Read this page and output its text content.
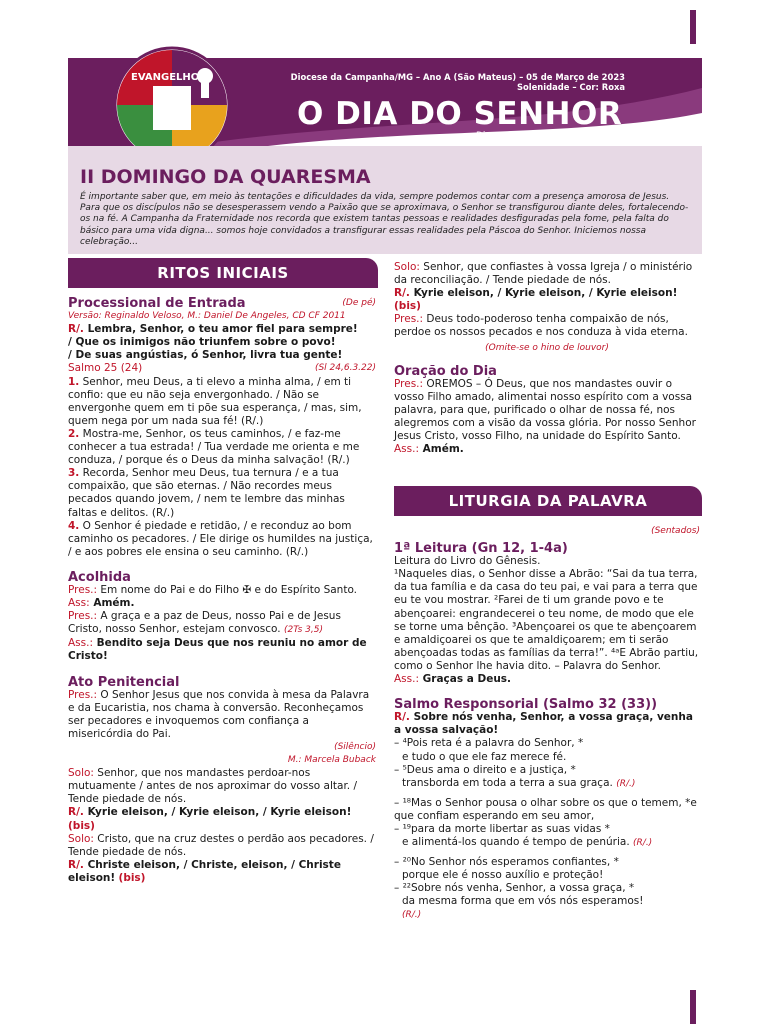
EVANGELHO	Diocese da Campanha/MG – Ano A (São Mateus) – 05 de Março de 2023
Solenidade – Cor: Roxa
O DIA DO SENHOR
Diocese de Campanha-MG
II DOMINGO DA QUARESMA
É importante saber que, em meio às tentações e dificuldades da vida, sempre podemos contar com a presença amorosa de Jesus. Para que os discípulos não se desesperassem vendo a Paixão que se aproximava, o Senhor se transfigurou diante deles, fortalecendo-os na fé. A Campanha da Fraternidade nos recorda que existem tantas pessoas e realidades desfiguradas pela fome, pela falta do básico para uma vida digna... somos hoje convidados a transfigurar essas realidades pela Páscoa do Senhor. Iniciemos nossa celebração...
RITOS INICIAIS

Processional de Entrada	(De pé)

Versão: Reginaldo Veloso, M.: Daniel De Angeles, CD CF 2011

R/. Lembra, Senhor, o teu amor fiel para sempre!

/ Que os inimigos não triunfem sobre o povo!

/ De suas angústias, ó Senhor, livra tua gente!

Salmo 25 (24)	(Sl 24,6.3.22)

1. Senhor, meu Deus, a ti elevo a minha alma, / em ti confio: que eu não seja envergonhado. / Não se envergonhe quem em ti põe sua esperança, / mas, sim, quem nega por um nada sua fé! (R/.)

2. Mostra-me, Senhor, os teus caminhos, / e faz-me conhecer a tua estrada! / Tua verdade me orienta e me conduza, / porque és o Deus da minha salvação! (R/.)

3. Recorda, Senhor meu Deus, tua ternura / e a tua compaixão, que são eternas. / Não recordes meus pecados quando jovem, / nem te lembre das minhas faltas e delitos. (R/.)

4. O Senhor é piedade e retidão, / e reconduz ao bom caminho os pecadores. / Ele dirige os humildes na justiça, / e aos pobres ele ensina o seu caminho. (R/.)

Acolhida

Pres.: Em nome do Pai e do Filho ✠ e do Espírito Santo.

Ass: Amém.

Pres.: A graça e a paz de Deus, nosso Pai e de Jesus Cristo, nosso Senhor, estejam convosco. (2Ts 3,5)

Ass.: Bendito seja Deus que nos reuniu no amor de Cristo!

Ato Penitencial

Pres.: O Senhor Jesus que nos convida à mesa da Palavra e da Eucaristia, nos chama à conversão. Reconheçamos ser pecadores e invoquemos com confiança a misericórdia do Pai.

(Silêncio)

M.: Marcela Buback

Solo: Senhor, que nos mandastes perdoar-nos mutuamente / antes de nos aproximar do vosso altar. / Tende piedade de nós.

R/. Kyrie eleison, / Kyrie eleison, / Kyrie eleison! (bis)

Solo: Cristo, que na cruz destes o perdão aos pecadores. / Tende piedade de nós.

R/. Christe eleison, / Christe, eleison, / Christe eleison! (bis)

Solo: Senhor, que confiastes à vossa Igreja / o ministério da reconciliação. / Tende piedade de nós.

R/. Kyrie eleison, / Kyrie eleison, / Kyrie eleison! (bis)

Pres.: Deus todo-poderoso tenha compaixão de nós, perdoe os nossos pecados e nos conduza à vida eterna.

(Omite-se o hino de louvor)

Oração do Dia

Pres.: OREMOS – Ó Deus, que nos mandastes ouvir o vosso Filho amado, alimentai nosso espírito com a vossa palavra, para que, purificado o olhar de nossa fé, nos alegremos com a visão da vossa glória. Por nosso Senhor Jesus Cristo, vosso Filho, na unidade do Espírito Santo.

Ass.: Amém.

LITURGIA DA PALAVRA

(Sentados)

1ª Leitura (Gn 12, 1-4a)

Leitura do Livro do Gênesis.

¹Naqueles dias, o Senhor disse a Abrão: “Sai da tua terra, da tua família e da casa do teu pai, e vai para a terra que eu te vou mostrar. ²Farei de ti um grande povo e te abençoarei: engrandecerei o teu nome, de modo que ele se torne uma bênção. ³Abençoarei os que te abençoarem e amaldiçoarei os que te amaldiçoarem; em ti serão abençoadas todas as famílias da terra!”. ⁴ᵃE Abrão partiu, como o Senhor lhe havia dito. – Palavra do Senhor.

Ass.: Graças a Deus.

Salmo Responsorial (Salmo 32 (33))

R/. Sobre nós venha, Senhor, a vossa graça, venha a vossa salvação!

– ⁴Pois reta é a palavra do Senhor, *

e tudo o que ele faz merece fé.

– ⁵Deus ama o direito e a justiça, *

transborda em toda a terra a sua graça. (R/.)

– ¹⁸Mas o Senhor pousa o olhar sobre os que o temem, *e que confiam esperando em seu amor,

– ¹⁹para da morte libertar as suas vidas *

e alimentá-los quando é tempo de penúria. (R/.)

– ²⁰No Senhor nós esperamos confiantes, *

porque ele é nosso auxílio e proteção!

– ²²Sobre nós venha, Senhor, a vossa graça, *

da mesma forma que em vós nós esperamos!

(R/.)
